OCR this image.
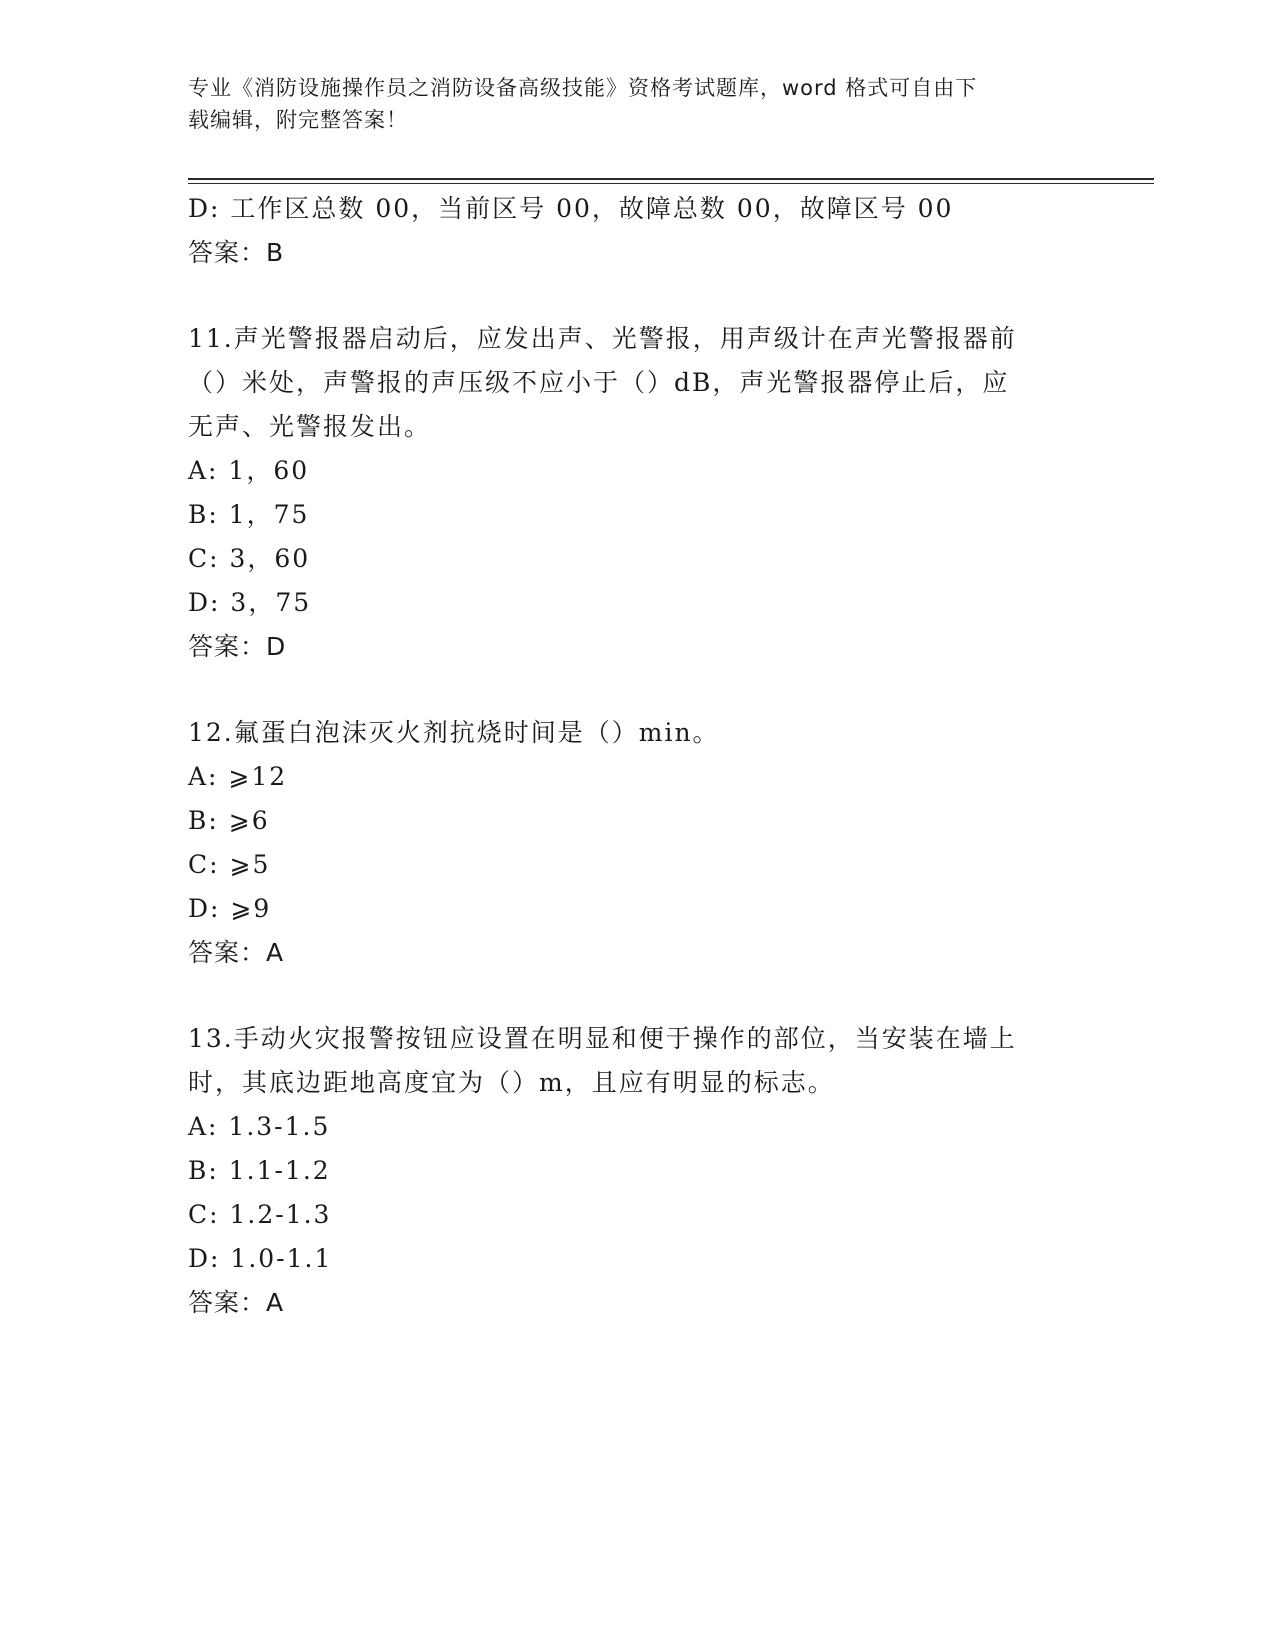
专业《消防设施操作员之消防设备高级技能》资格考试题库，word 格式可自由下

载编辑，附完整答案！

D: 工作区总数 00，当前区号 00，故障总数 00，故障区号 00

答案：B

11.声光警报器启动后，应发出声、光警报，用声级计在声光警报器前

（）米处，声警报的声压级不应小于（）dB，声光警报器停止后，应

无声、光警报发出。

A: 1，60

B: 1，75

C: 3，60

D: 3，75

答案：D

12.氟蛋白泡沫灭火剂抗烧时间是（）min。

A: ⩾12

B: ⩾6

C: ⩾5

D: ⩾9

答案：A

13.手动火灾报警按钮应设置在明显和便于操作的部位，当安装在墙上

时，其底边距地高度宜为（）m，且应有明显的标志。

A: 1.3-1.5

B: 1.1-1.2

C: 1.2-1.3

D: 1.0-1.1

答案：A
